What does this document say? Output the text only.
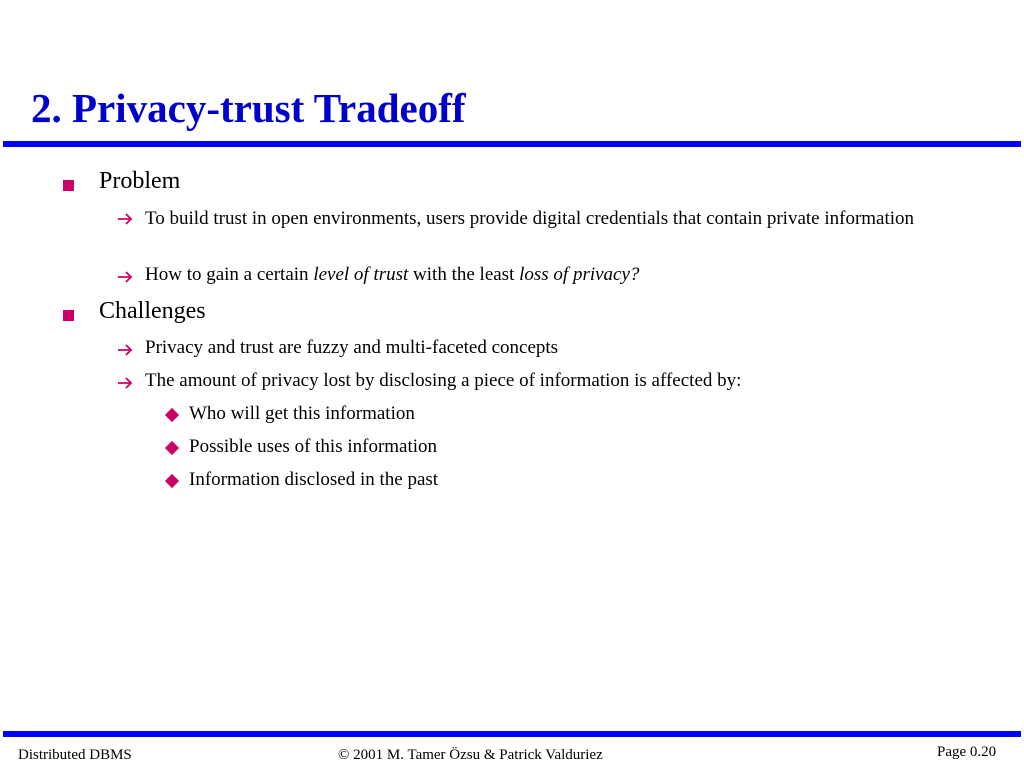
2. Privacy-trust Tradeoff
Problem
To build trust in open environments, users provide digital credentials that contain private information
How to gain a certain level of trust with the least loss of privacy?
Challenges
Privacy and trust are fuzzy and multi-faceted concepts
The amount of privacy lost by disclosing a piece of information is affected by:
Who will get this information
Possible uses of this information
Information disclosed in the past
Distributed DBMS	© 2001 M. Tamer Özsu & Patrick Valduriez	Page 0.20
